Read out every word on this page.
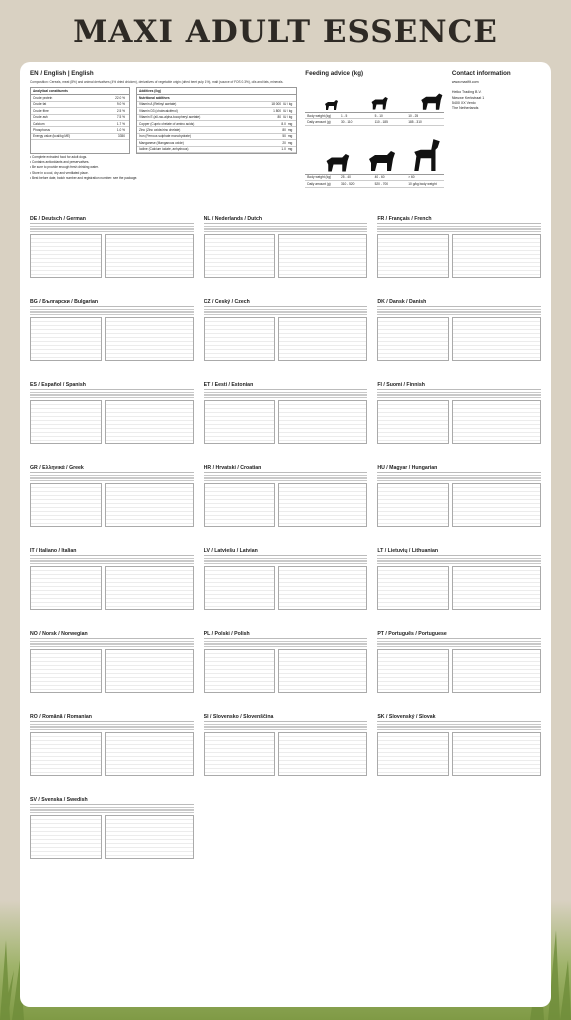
MAXI ADULT ESSENCE
EN / English | English
Composition: Cereals, meat (8%) and animal derivatives (4% dried chicken), derivatives of vegetable origin (dried beet pulp 1%), malt (source of FOS 0.3%), oils and fats, minerals.
Analytical constituents
Crude protein	22.0 %
Crude fat	9.0 %
Crude fibre	2.5 %
Crude ash	7.5 %
Calcium	1.7 %
Phosphorus	1.0 %
Energy value (kcal/kg ME)	3350
Additives (/kg)
Nutritional additives
Vitamin A (Retinyl acetate)	18 000 IU / kg
Vitamin D3 (cholecalciferol)	1 800 IU / kg
Vitamin E (all-rac-alpha-tocopheryl acetate)	80 IU / kg
Copper (Cupric chelate of amino acids)	8.0 mg
Zinc (Zinc oxide/zinc chelate)	80 mg
Iron (Ferrous sulphate monohydrate)	50 mg
Manganese (Manganous oxide)	20 mg
Iodine (Calcium iodate, anhydrous)	1.0 mg
• Complete extruded food for adult dogs.
• Contains antioxidants and preservatives.
• Be sure to provide enough fresh drinking water.
• Store in a cool, dry and ventilated place.
• Best before date, batch number and registration number: see the package.
Feeding advice (kg)
Body weight (kg)	1 - 5	5 - 10	10 - 25
Daily amount (g)	30 - 110	110 - 185	185 - 310
Body weight (kg)	25 - 40	40 - 60	> 60
Daily amount (g)	310 - 520	520 - 700	10 g/kg body weight
Contact information
www.maxifit.com

Heiko Trading B.V.
Nieuwe Kerkstraat 1
5400 XX Venlo
The Netherlands
DE / Deutsch / German	NL / Nederlands / Dutch	FR / Français / French
BG / Български / Bulgarian	CZ / Český / Czech	DK / Dansk / Danish
ES / Español / Spanish	ET / Eesti / Estonian	FI / Suomi / Finnish
GR / Ελληνικά / Greek	HR / Hrvatski / Croatian	HU / Magyar / Hungarian
IT / Italiano / Italian	LV / Latviešu / Latvian	LT / Lietuvių / Lithuanian
NO / Norsk / Norwegian	PL / Polski / Polish	PT / Português / Portuguese
RO / Română / Romanian	SI / Slovensko / Slovenščina	SK / Slovenský / Slovak
SV / Svenska / Swedish
